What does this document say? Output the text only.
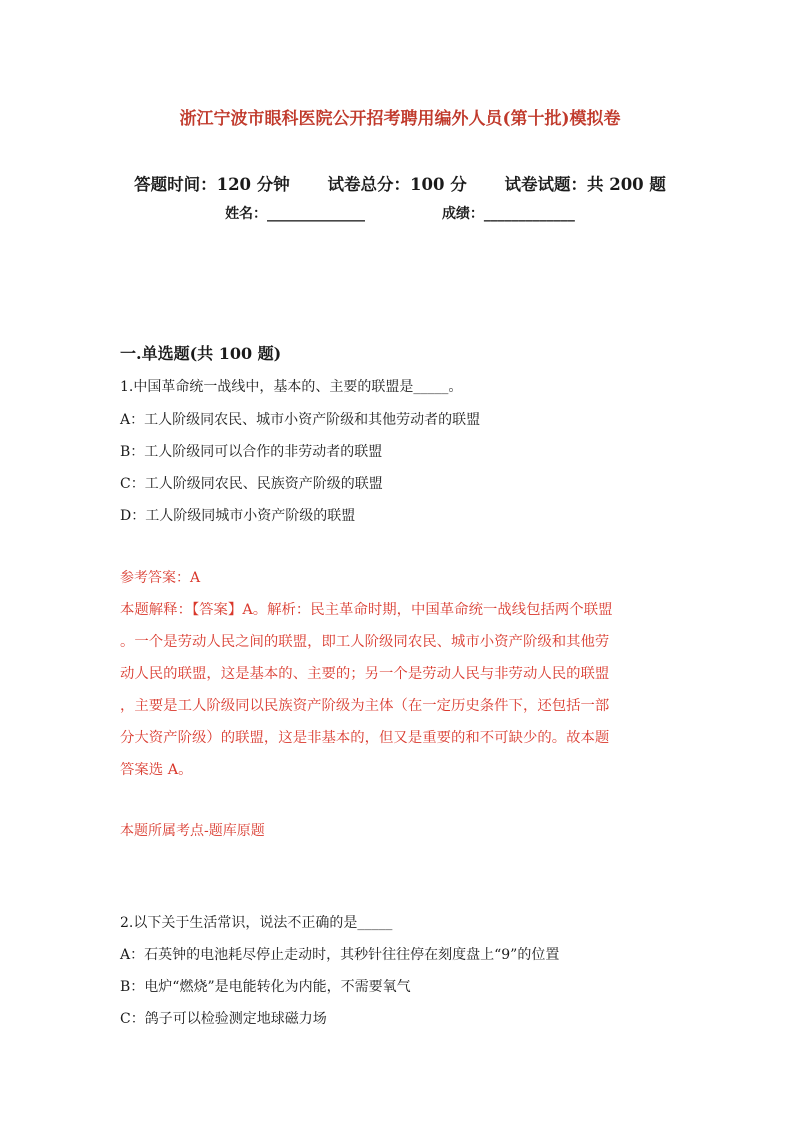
浙江宁波市眼科医院公开招考聘用编外人员(第十批)模拟卷
答题时间：120 分钟 试卷总分：100 分 试卷试题：共 200 题
姓名：______________	成绩：_____________
一.单选题(共 100 题)
1.中国革命统一战线中，基本的、主要的联盟是_____。
A：工人阶级同农民、城市小资产阶级和其他劳动者的联盟
B：工人阶级同可以合作的非劳动者的联盟
C：工人阶级同农民、民族资产阶级的联盟
D：工人阶级同城市小资产阶级的联盟
参考答案：A
本题解释：【答案】A。解析：民主革命时期，中国革命统一战线包括两个联盟
。一个是劳动人民之间的联盟，即工人阶级同农民、城市小资产阶级和其他劳
动人民的联盟，这是基本的、主要的；另一个是劳动人民与非劳动人民的联盟
，主要是工人阶级同以民族资产阶级为主体（在一定历史条件下，还包括一部
分大资产阶级）的联盟，这是非基本的，但又是重要的和不可缺少的。故本题
答案选 A。
本题所属考点-题库原题
2.以下关于生活常识，说法不正确的是_____
A：石英钟的电池耗尽停止走动时，其秒针往往停在刻度盘上“9”的位置
B：电炉“燃烧”是电能转化为内能，不需要氧气
C：鸽子可以检验测定地球磁力场
